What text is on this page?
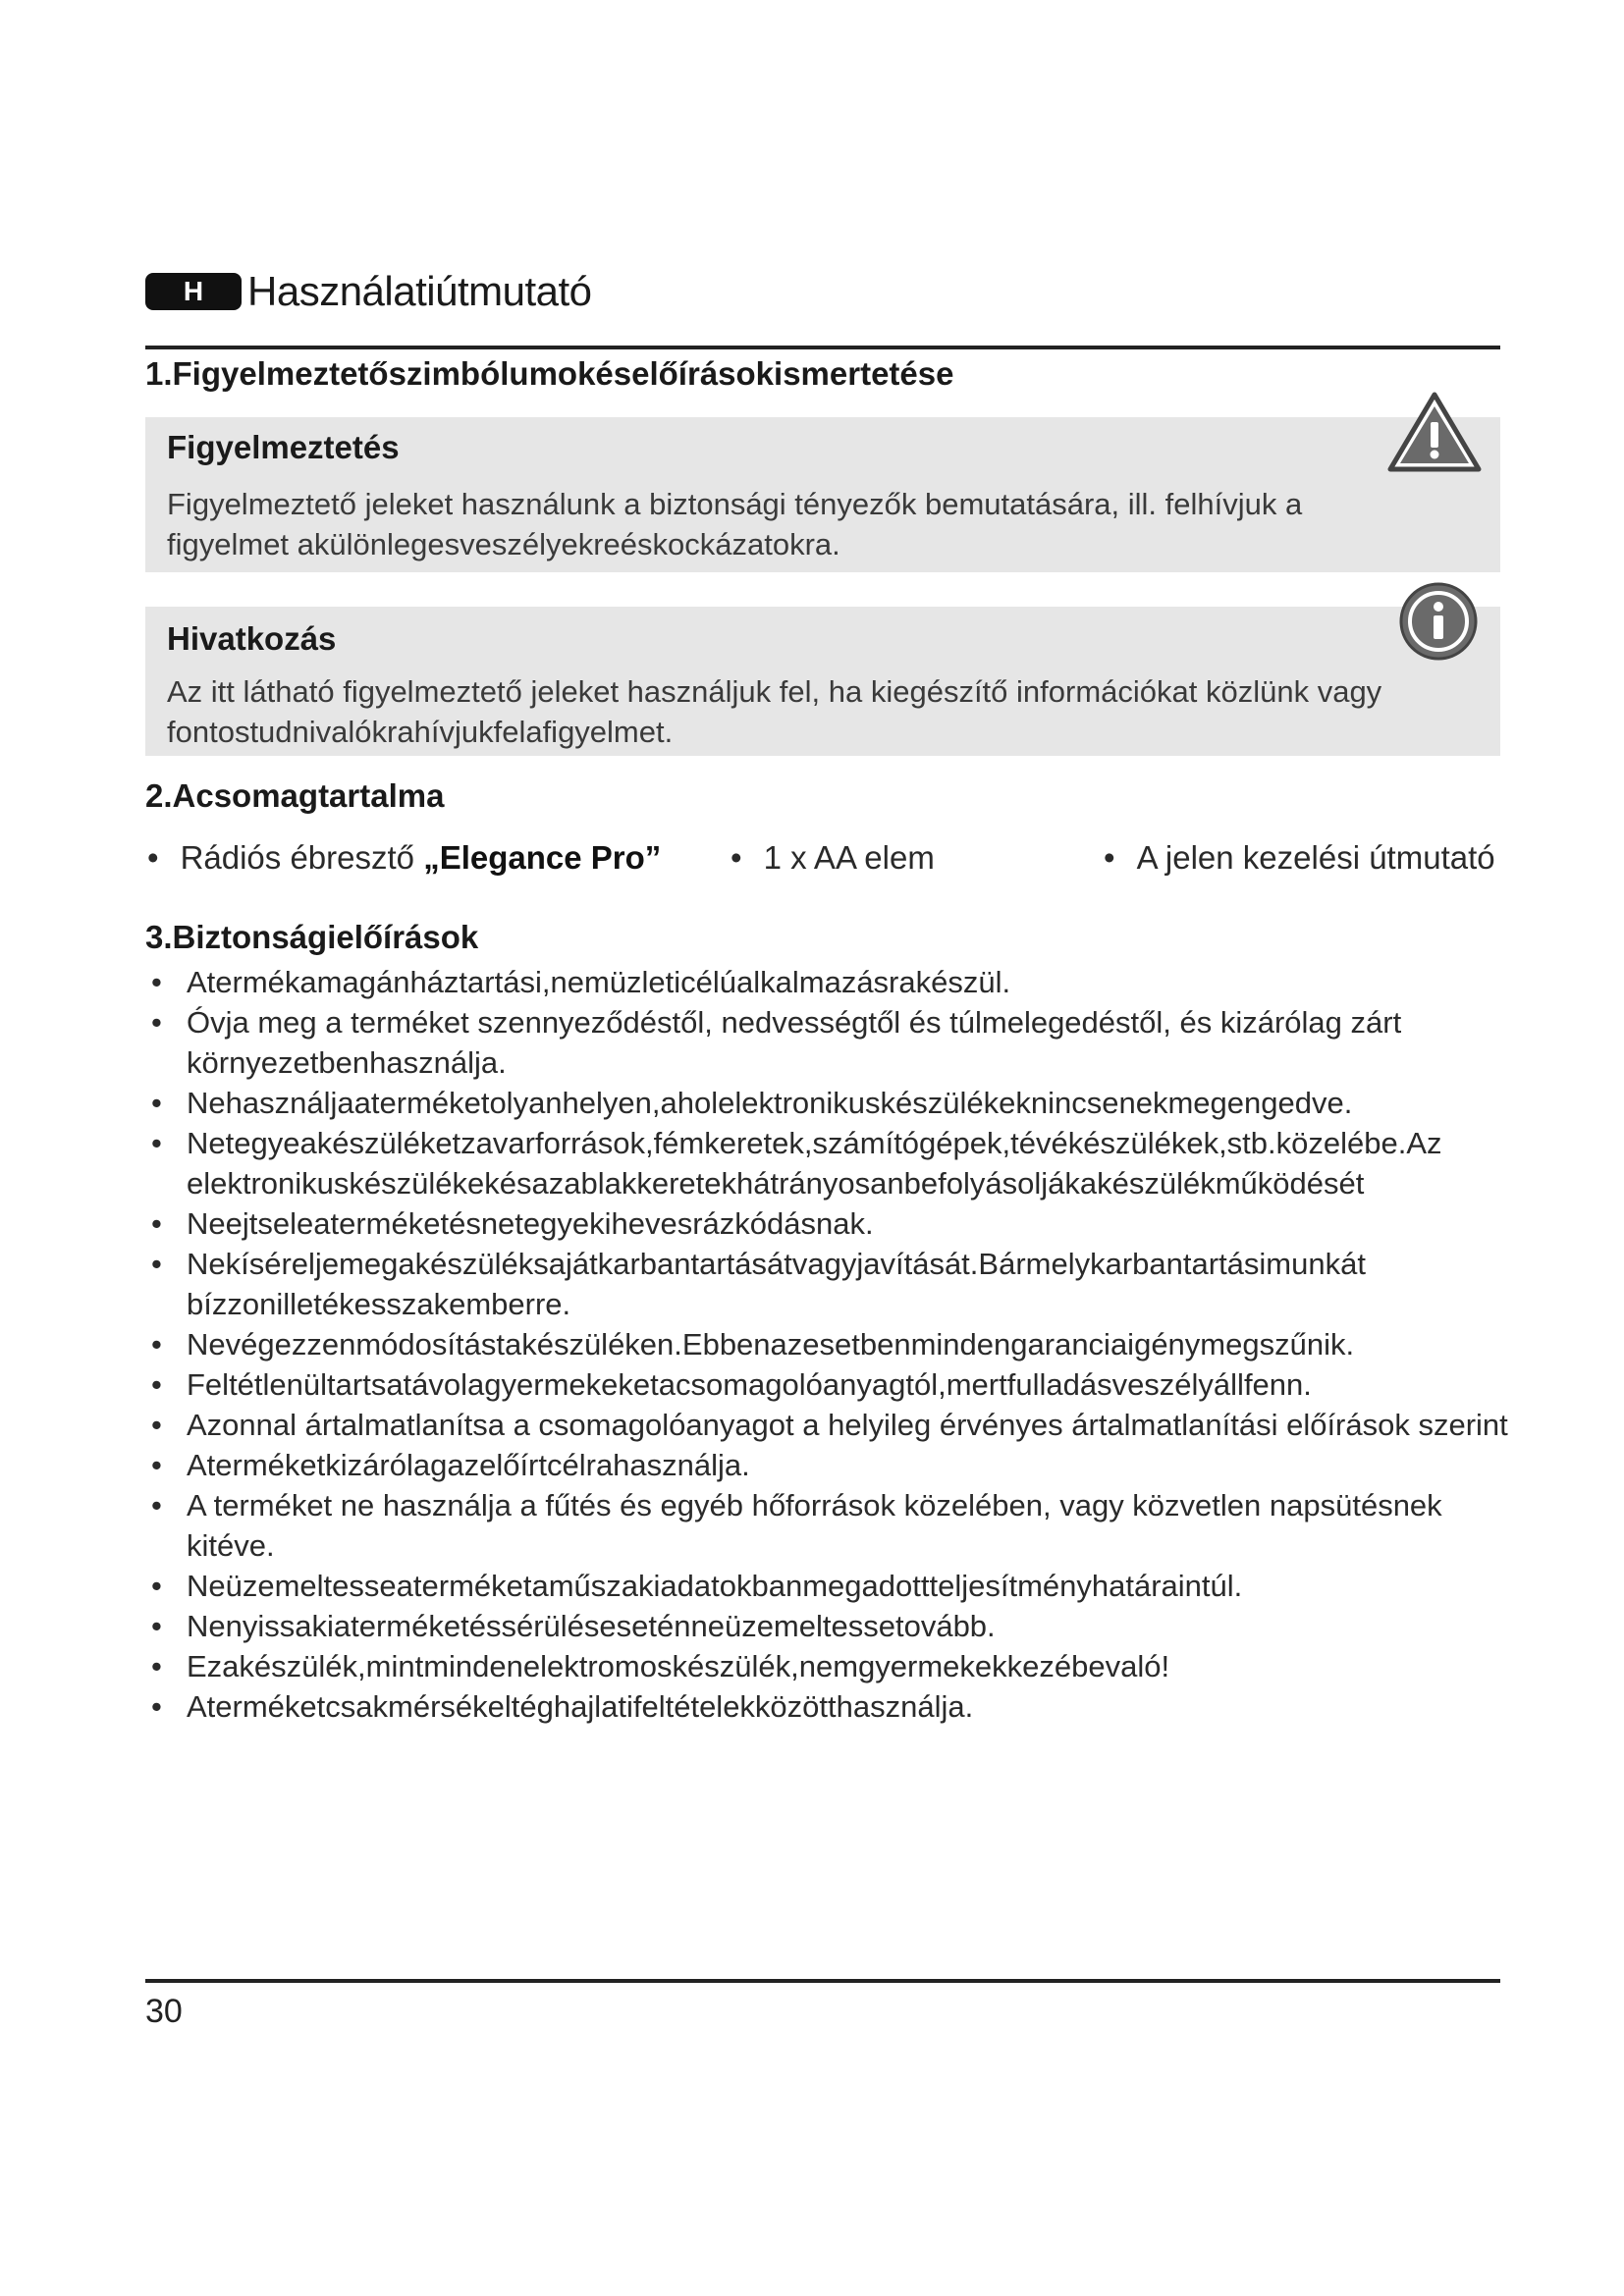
H	Használatiútmutató
1.Figyelmeztetőszimbólumokéselőírásokismertetése
Figyelmeztetés
Figyelmeztető jeleket használunk a biztonsági tényezők bemutatására, ill. felhívjuk a figyelmet akülönlegesveszélyekreéskockázatokra.
Hivatkozás
Az itt látható figyelmeztető jeleket használjuk fel, ha kiegészítő információkat közlünk vagy fontostudnivalókrahívjukfelafigyelmet.
2.Acsomagtartalma
• Rádiós ébresztő „Elegance Pro” • 1 x AA elem	• A jelen kezelési útmutató
3.Biztonságielőírások
• Atermékamagánháztartási,nemüzleticélúalkalmazásrakészül.
• Óvja meg a terméket szennyeződéstől, nedvességtől és túlmelegedéstől, és kizárólag zárt környezetbenhasználja.
• Nehasználjaaterméketolyanhelyen,aholelektronikuskészülékeknincsenekmegengedve.
• Netegyeakészüléketzavarforrások,fémkeretek,számítógépek,tévékészülékek,stb.közelébe.Az elektronikuskészülékekésazablakkeretekhátrányosanbefolyásoljákakészülékműködését
• Neejtseleaterméketésnetegyekihevesrázkódásnak.
• Nekíséreljemegakészüléksajátkarbantartásátvagyjavítását.Bármelykarbantartásimunkát bízzonilletékesszakemberre.
• Nevégezzenmódosítástakészüléken.Ebbenazesetbenmindengaranciaigénymegszűnik.
• Feltétlenültartsatávolagyermekeketacsomagolóanyagtól,mertfulladásveszélyállfenn.
• Azonnal ártalmatlanítsa a csomagolóanyagot a helyileg érvényes ártalmatlanítási előírások szerint
• Aterméketkizárólagazelőírtcélrahasználja.
• A terméket ne használja a fűtés és egyéb hőforrások közelében, vagy közvetlen napsütésnek kitéve.
• Neüzemeltesseaterméketaműszakiadatokbanmegadottteljesítményhatáraintúl.
• Nenyissakiaterméketéssérüléseseténneüzemeltessetovább.
• Ezakészülék,mintmindenelektromoskészülék,nemgyermekekkezébevaló!
• Aterméketcsakmérsékeltéghajlatifeltételekközötthasználja.
30
